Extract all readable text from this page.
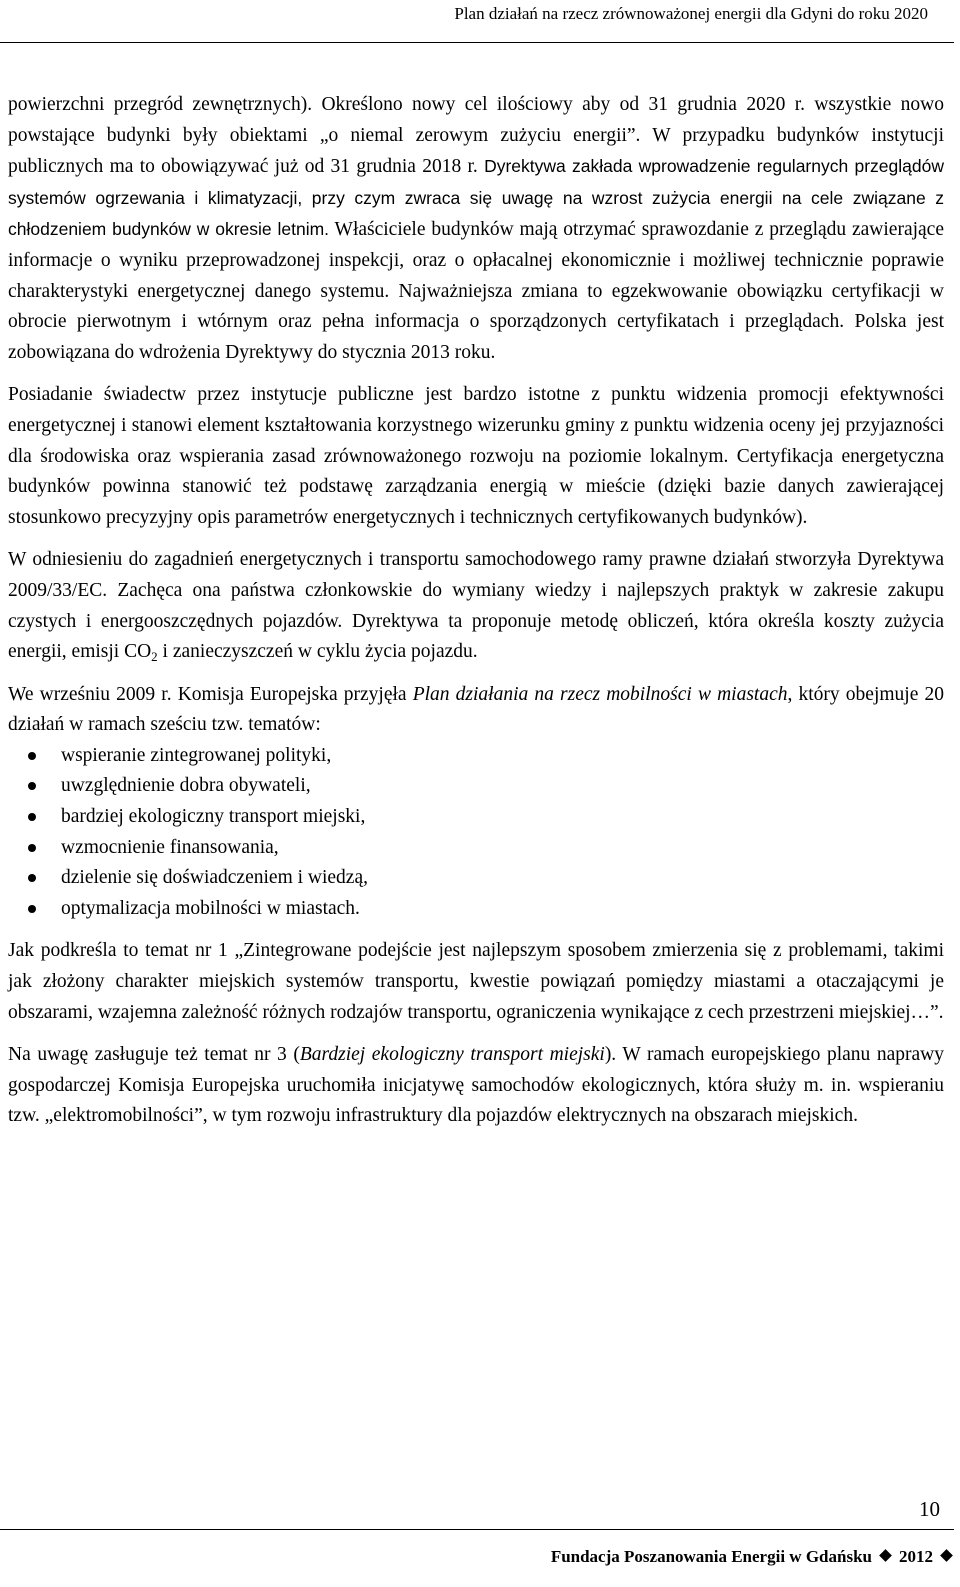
Plan działań na rzecz zrównoważonej energii dla Gdyni do roku 2020

powierzchni przegród zewnętrznych). Określono nowy cel ilościowy aby od 31 grudnia 2020 r. wszystkie nowo powstające budynki były obiektami „o niemal zerowym zużyciu energii”. W przypadku budynków instytucji publicznych ma to obowiązywać już od 31 grudnia 2018 r. Dyrektywa zakłada wprowadzenie regularnych przeglądów systemów ogrzewania i klimatyzacji, przy czym zwraca się uwagę na wzrost zużycia energii na cele związane z chłodzeniem budynków w okresie letnim. Właściciele budynków mają otrzymać sprawozdanie z przeglądu zawierające informacje o wyniku przeprowadzonej inspekcji, oraz o opłacalnej ekonomicznie i możliwej technicznie poprawie charakterystyki energetycznej danego systemu. Najważniejsza zmiana to egzekwowanie obowiązku certyfikacji w obrocie pierwotnym i wtórnym oraz pełna informacja o sporządzonych certyfikatach i przeglądach. Polska jest zobowiązana do wdrożenia Dyrektywy do stycznia 2013 roku.

Posiadanie świadectw przez instytucje publiczne jest bardzo istotne z punktu widzenia promocji efektywności energetycznej i stanowi element kształtowania korzystnego wizerunku gminy z punktu widzenia oceny jej przyjazności dla środowiska oraz wspierania zasad zrównoważonego rozwoju na poziomie lokalnym. Certyfikacja energetyczna budynków powinna stanowić też podstawę zarządzania energią w mieście (dzięki bazie danych zawierającej stosunkowo precyzyjny opis parametrów energetycznych i technicznych certyfikowanych budynków).

W odniesieniu do zagadnień energetycznych i transportu samochodowego ramy prawne działań stworzyła Dyrektywa 2009/33/EC. Zachęca ona państwa członkowskie do wymiany wiedzy i najlepszych praktyk w zakresie zakupu czystych i energooszczędnych pojazdów. Dyrektywa ta proponuje metodę obliczeń, która określa koszty zużycia energii, emisji $CO_2$ i zanieczyszczeń w cyklu życia pojazdu.

We wrześniu 2009 r. Komisja Europejska przyjęła Plan działania na rzecz mobilności w miastach, który obejmuje 20 działań w ramach sześciu tzw. tematów:

wspieranie zintegrowanej polityki,
uwzględnienie dobra obywateli,
bardziej ekologiczny transport miejski,
wzmocnienie finansowania,
dzielenie się doświadczeniem i wiedzą,
optymalizacja mobilności w miastach.

Jak podkreśla to temat nr 1 „Zintegrowane podejście jest najlepszym sposobem zmierzenia się z problemami, takimi jak złożony charakter miejskich systemów transportu, kwestie powiązań pomiędzy miastami a otaczającymi je obszarami, wzajemna zależność różnych rodzajów transportu, ograniczenia wynikające z cech przestrzeni miejskiej…”.

Na uwagę zasługuje też temat nr 3 (Bardziej ekologiczny transport miejski). W ramach europejskiego planu naprawy gospodarczej Komisja Europejska uruchomiła inicjatywę samochodów ekologicznych, która służy m. in. wspieraniu tzw. „elektromobilności”, w tym rozwoju infrastruktury dla pojazdów elektrycznych na obszarach miejskich.

10
Fundacja Poszanowania Energii w Gdańsku 2012
